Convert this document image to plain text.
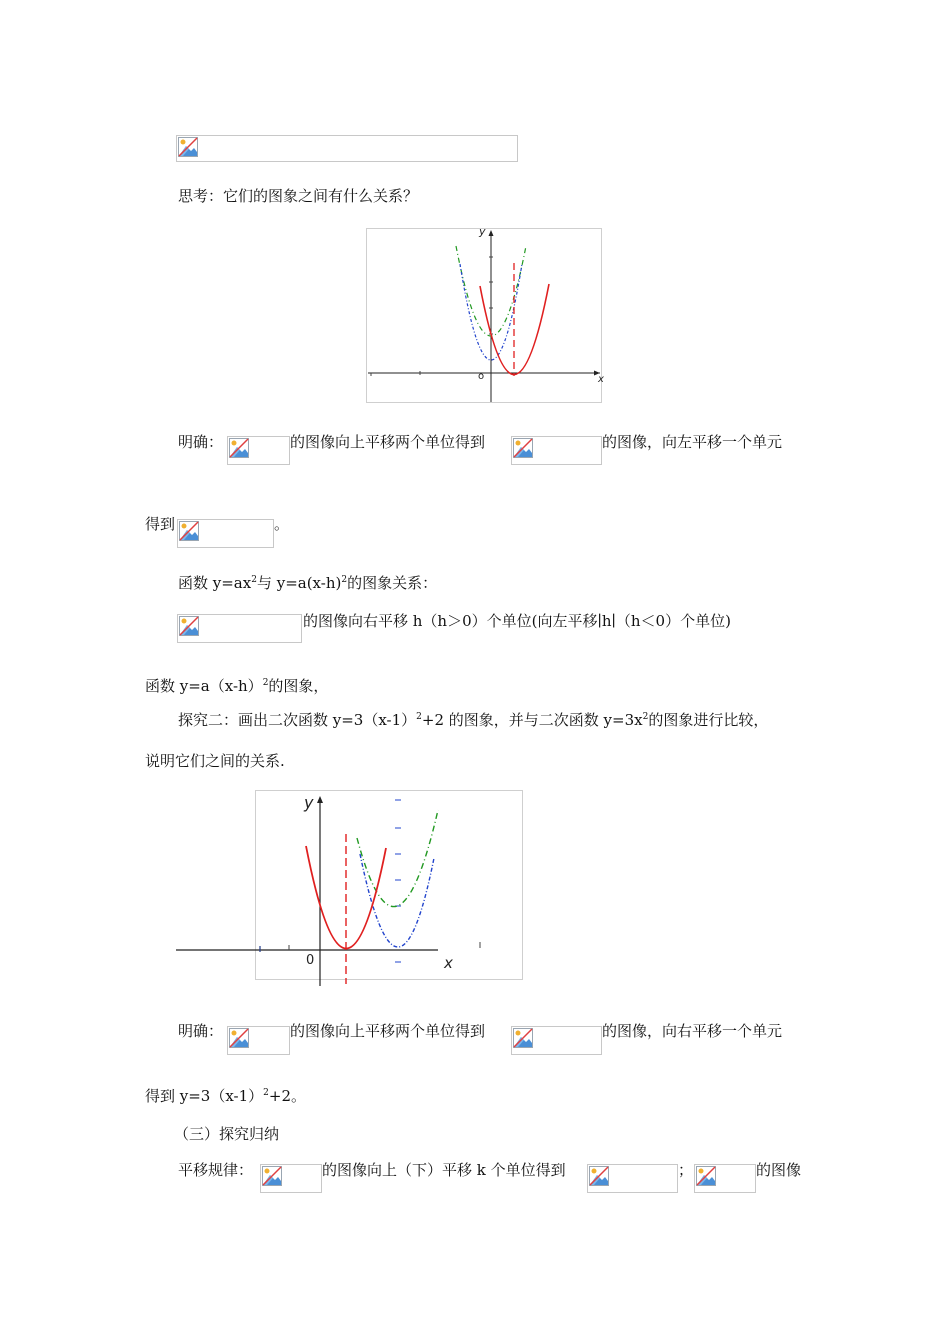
思考：它们的图象之间有什么关系？
y
o	x
明确：	的图像向上平移两个单位得到	的图像，向左平移一个单元
得到	。
函数 $y=ax^2$与 $y=a(x-h)^2$的图象关系：
的图像向右平移 h（h＞0）个单位(向左平移∣h∣（h＜0）个单位)
函数 $y=a(x-h)^2$的图象，
探究二：画出二次函数 $y=3(x-1)^2+2$ 的图象，并与二次函数 $y=3x^2$的图象进行比较，
说明它们之间的关系.
y
0	x
明确：	的图像向上平移两个单位得到	的图像，向右平移一个单元
得到 $y=3(x-1)^2+2$。
（三）探究归纳
平移规律：	的图像向上（下）平移 k 个单位得到	；	的图像
